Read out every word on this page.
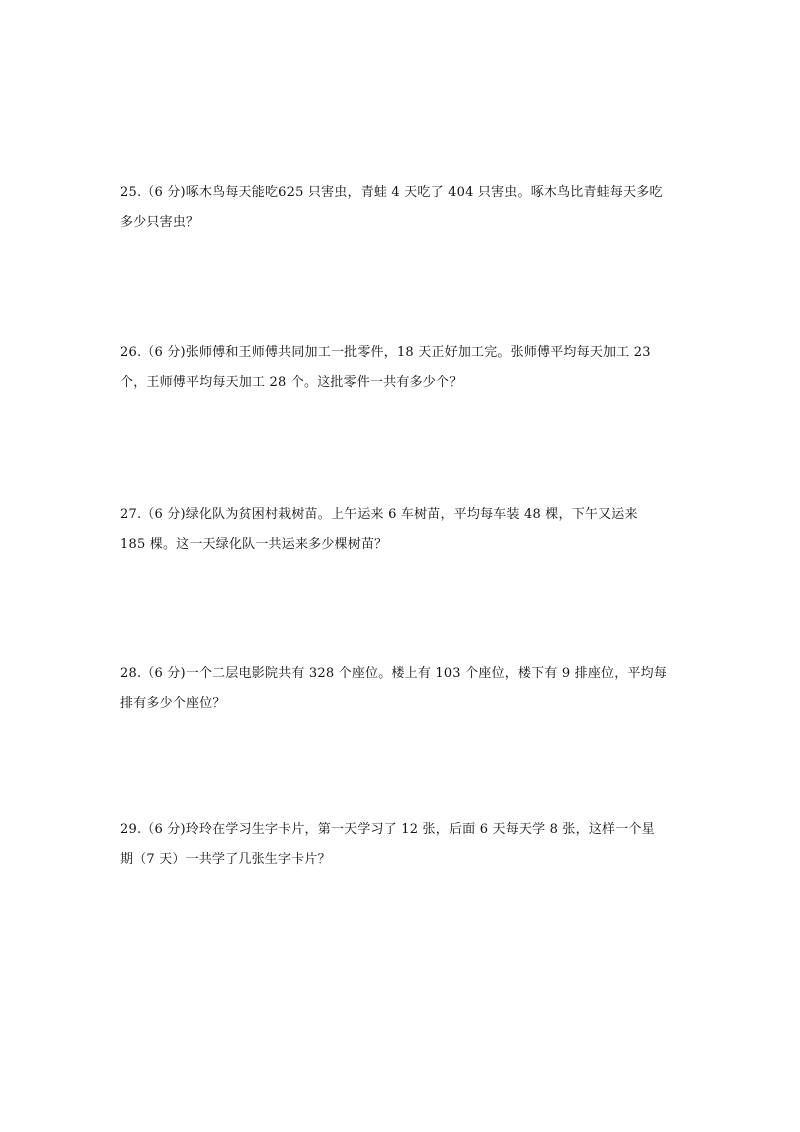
25.（6 分)啄木鸟每天能吃625 只害虫，青蛙 4 天吃了 404 只害虫。啄木鸟比青蛙每天多吃

多少只害虫？

26.（6 分)张师傅和王师傅共同加工一批零件，18 天正好加工完。张师傅平均每天加工 23

个，王师傅平均每天加工 28 个。这批零件一共有多少个？

27.（6 分)绿化队为贫困村栽树苗。上午运来 6 车树苗，平均每车装 48 棵，下午又运来

185 棵。这一天绿化队一共运来多少棵树苗？

28.（6 分)一个二层电影院共有 328 个座位。楼上有 103 个座位，楼下有 9 排座位，平均每

排有多少个座位？

29.（6 分)玲玲在学习生字卡片，第一天学习了 12 张，后面 6 天每天学 8 张，这样一个星

期（7 天）一共学了几张生字卡片？
